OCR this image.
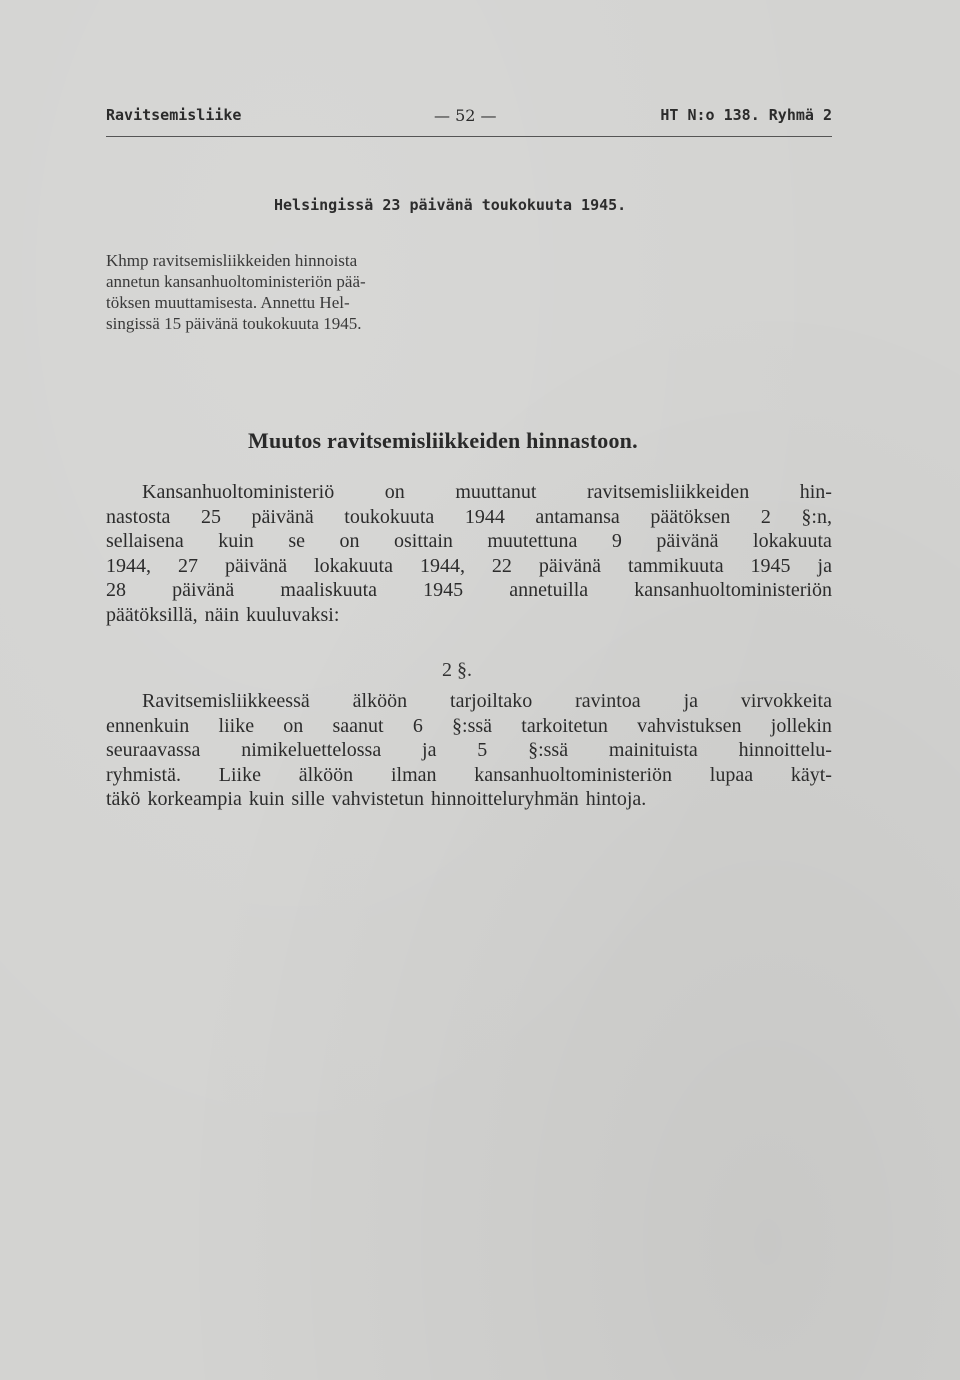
Ravitsemisliike	— 52 —	HT N:o 138. Ryhmä 2
Helsingissä 23 päivänä toukokuuta 1945.
Khmp ravitsemisliikkeiden hinnoista
annetun kansanhuoltoministeriön pää-
töksen muuttamisesta. Annettu Hel-
singissä 15 päivänä toukokuuta 1945.
Muutos ravitsemisliikkeiden hinnastoon.
Kansanhuoltoministeriö	on	muuttanut	ravitsemisliikkeiden	hin-
nastosta 25 päivänä toukokuuta 1944 antamansa päätöksen 2 §:n,
sellaisena kuin se on osittain muutettuna 9 päivänä lokakuuta
1944, 27 päivänä lokakuuta 1944, 22 päivänä tammikuuta 1945 ja
28 päivänä maaliskuuta 1945 annetuilla kansanhuoltoministeriön
päätöksillä, näin kuuluvaksi:
2 §.
Ravitsemisliikkeessä älköön tarjoiltako ravintoa ja virvokkeita
ennenkuin liike on saanut 6 §:ssä tarkoitetun vahvistuksen jollekin
seuraavassa nimikeluettelossa ja 5 §:ssä mainituista hinnoittelu-
ryhmistä. Liike älköön ilman kansanhuoltoministeriön lupaa käyt-
täkö korkeampia kuin sille vahvistetun hinnoitteluryhmän hintoja.
